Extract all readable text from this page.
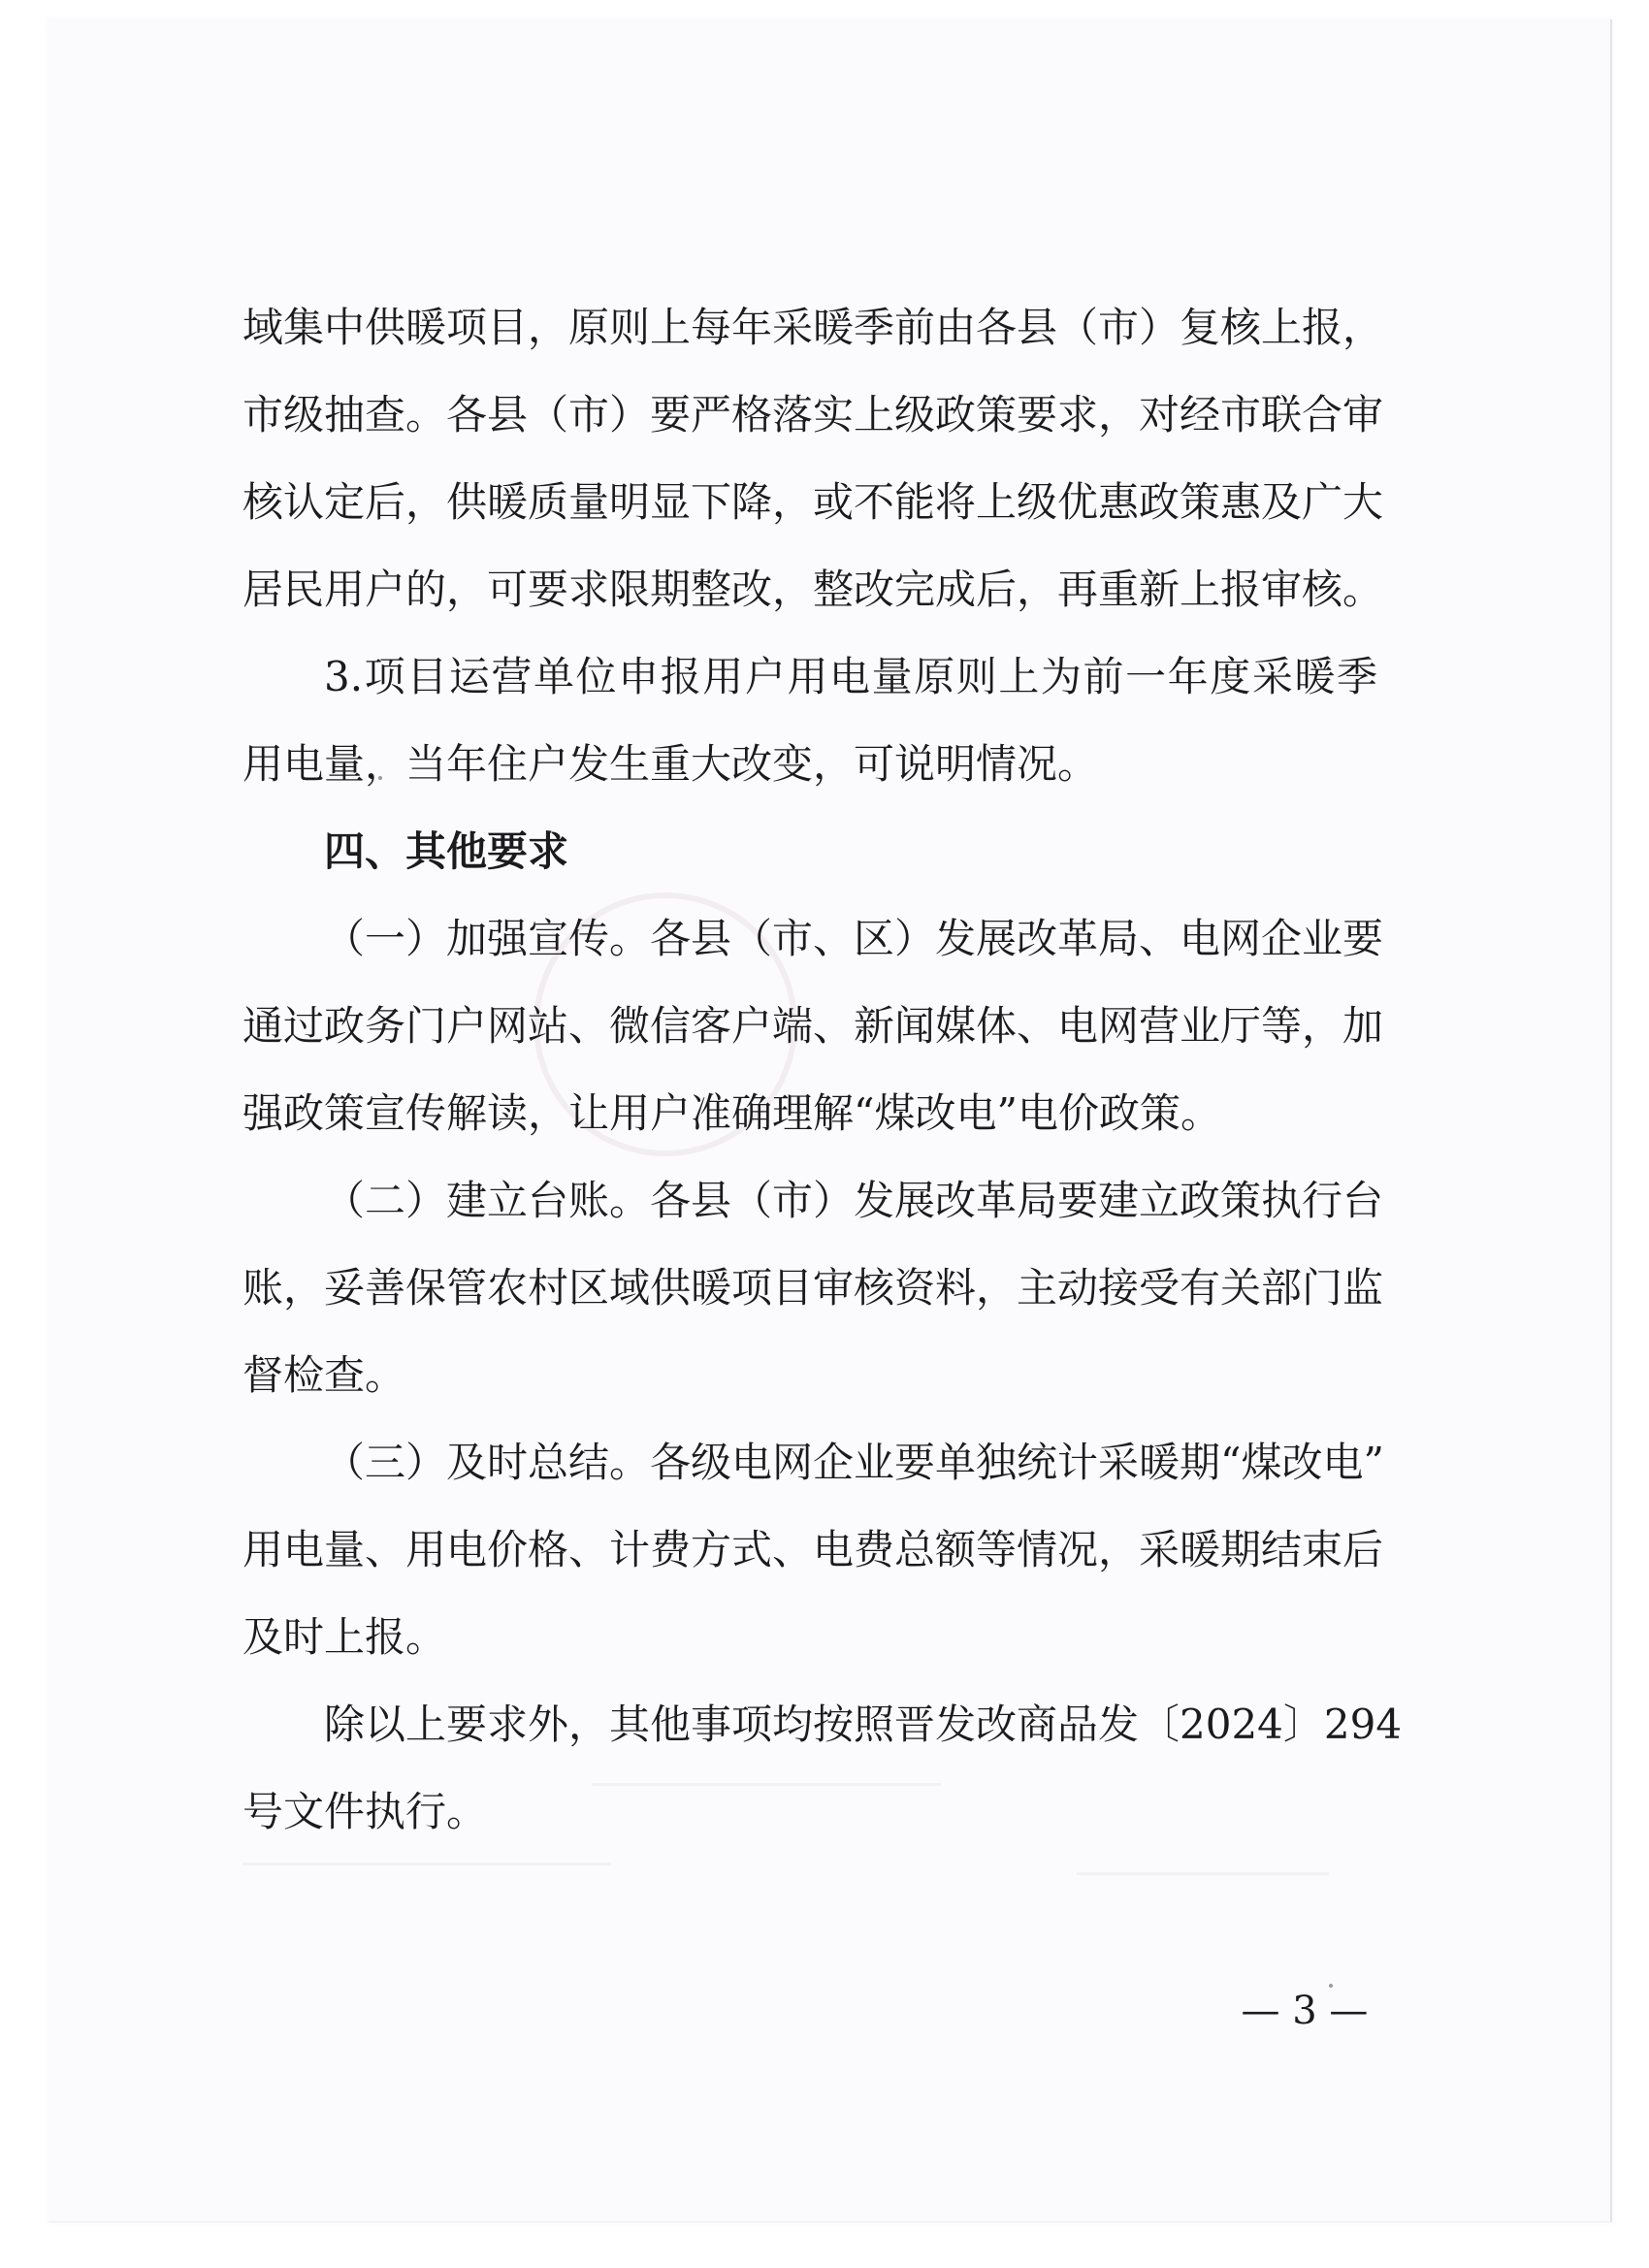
域集中供暖项目，原则上每年采暖季前由各县（市）复核上报，
市级抽查。各县（市）要严格落实上级政策要求，对经市联合审
核认定后，供暖质量明显下降，或不能将上级优惠政策惠及广大
居民用户的，可要求限期整改，整改完成后，再重新上报审核。
3.项目运营单位申报用户用电量原则上为前一年度采暖季
用电量，当年住户发生重大改变，可说明情况。
四、其他要求
（一）加强宣传。各县（市、区）发展改革局、电网企业要
通过政务门户网站、微信客户端、新闻媒体、电网营业厅等，加
强政策宣传解读，让用户准确理解“煤改电”电价政策。
（二）建立台账。各县（市）发展改革局要建立政策执行台
账，妥善保管农村区域供暖项目审核资料，主动接受有关部门监
督检查。
（三）及时总结。各级电网企业要单独统计采暖期“煤改电”
用电量、用电价格、计费方式、电费总额等情况，采暖期结束后
及时上报。
除以上要求外，其他事项均按照晋发改商品发〔2024〕294
号文件执行。
— 3 —
